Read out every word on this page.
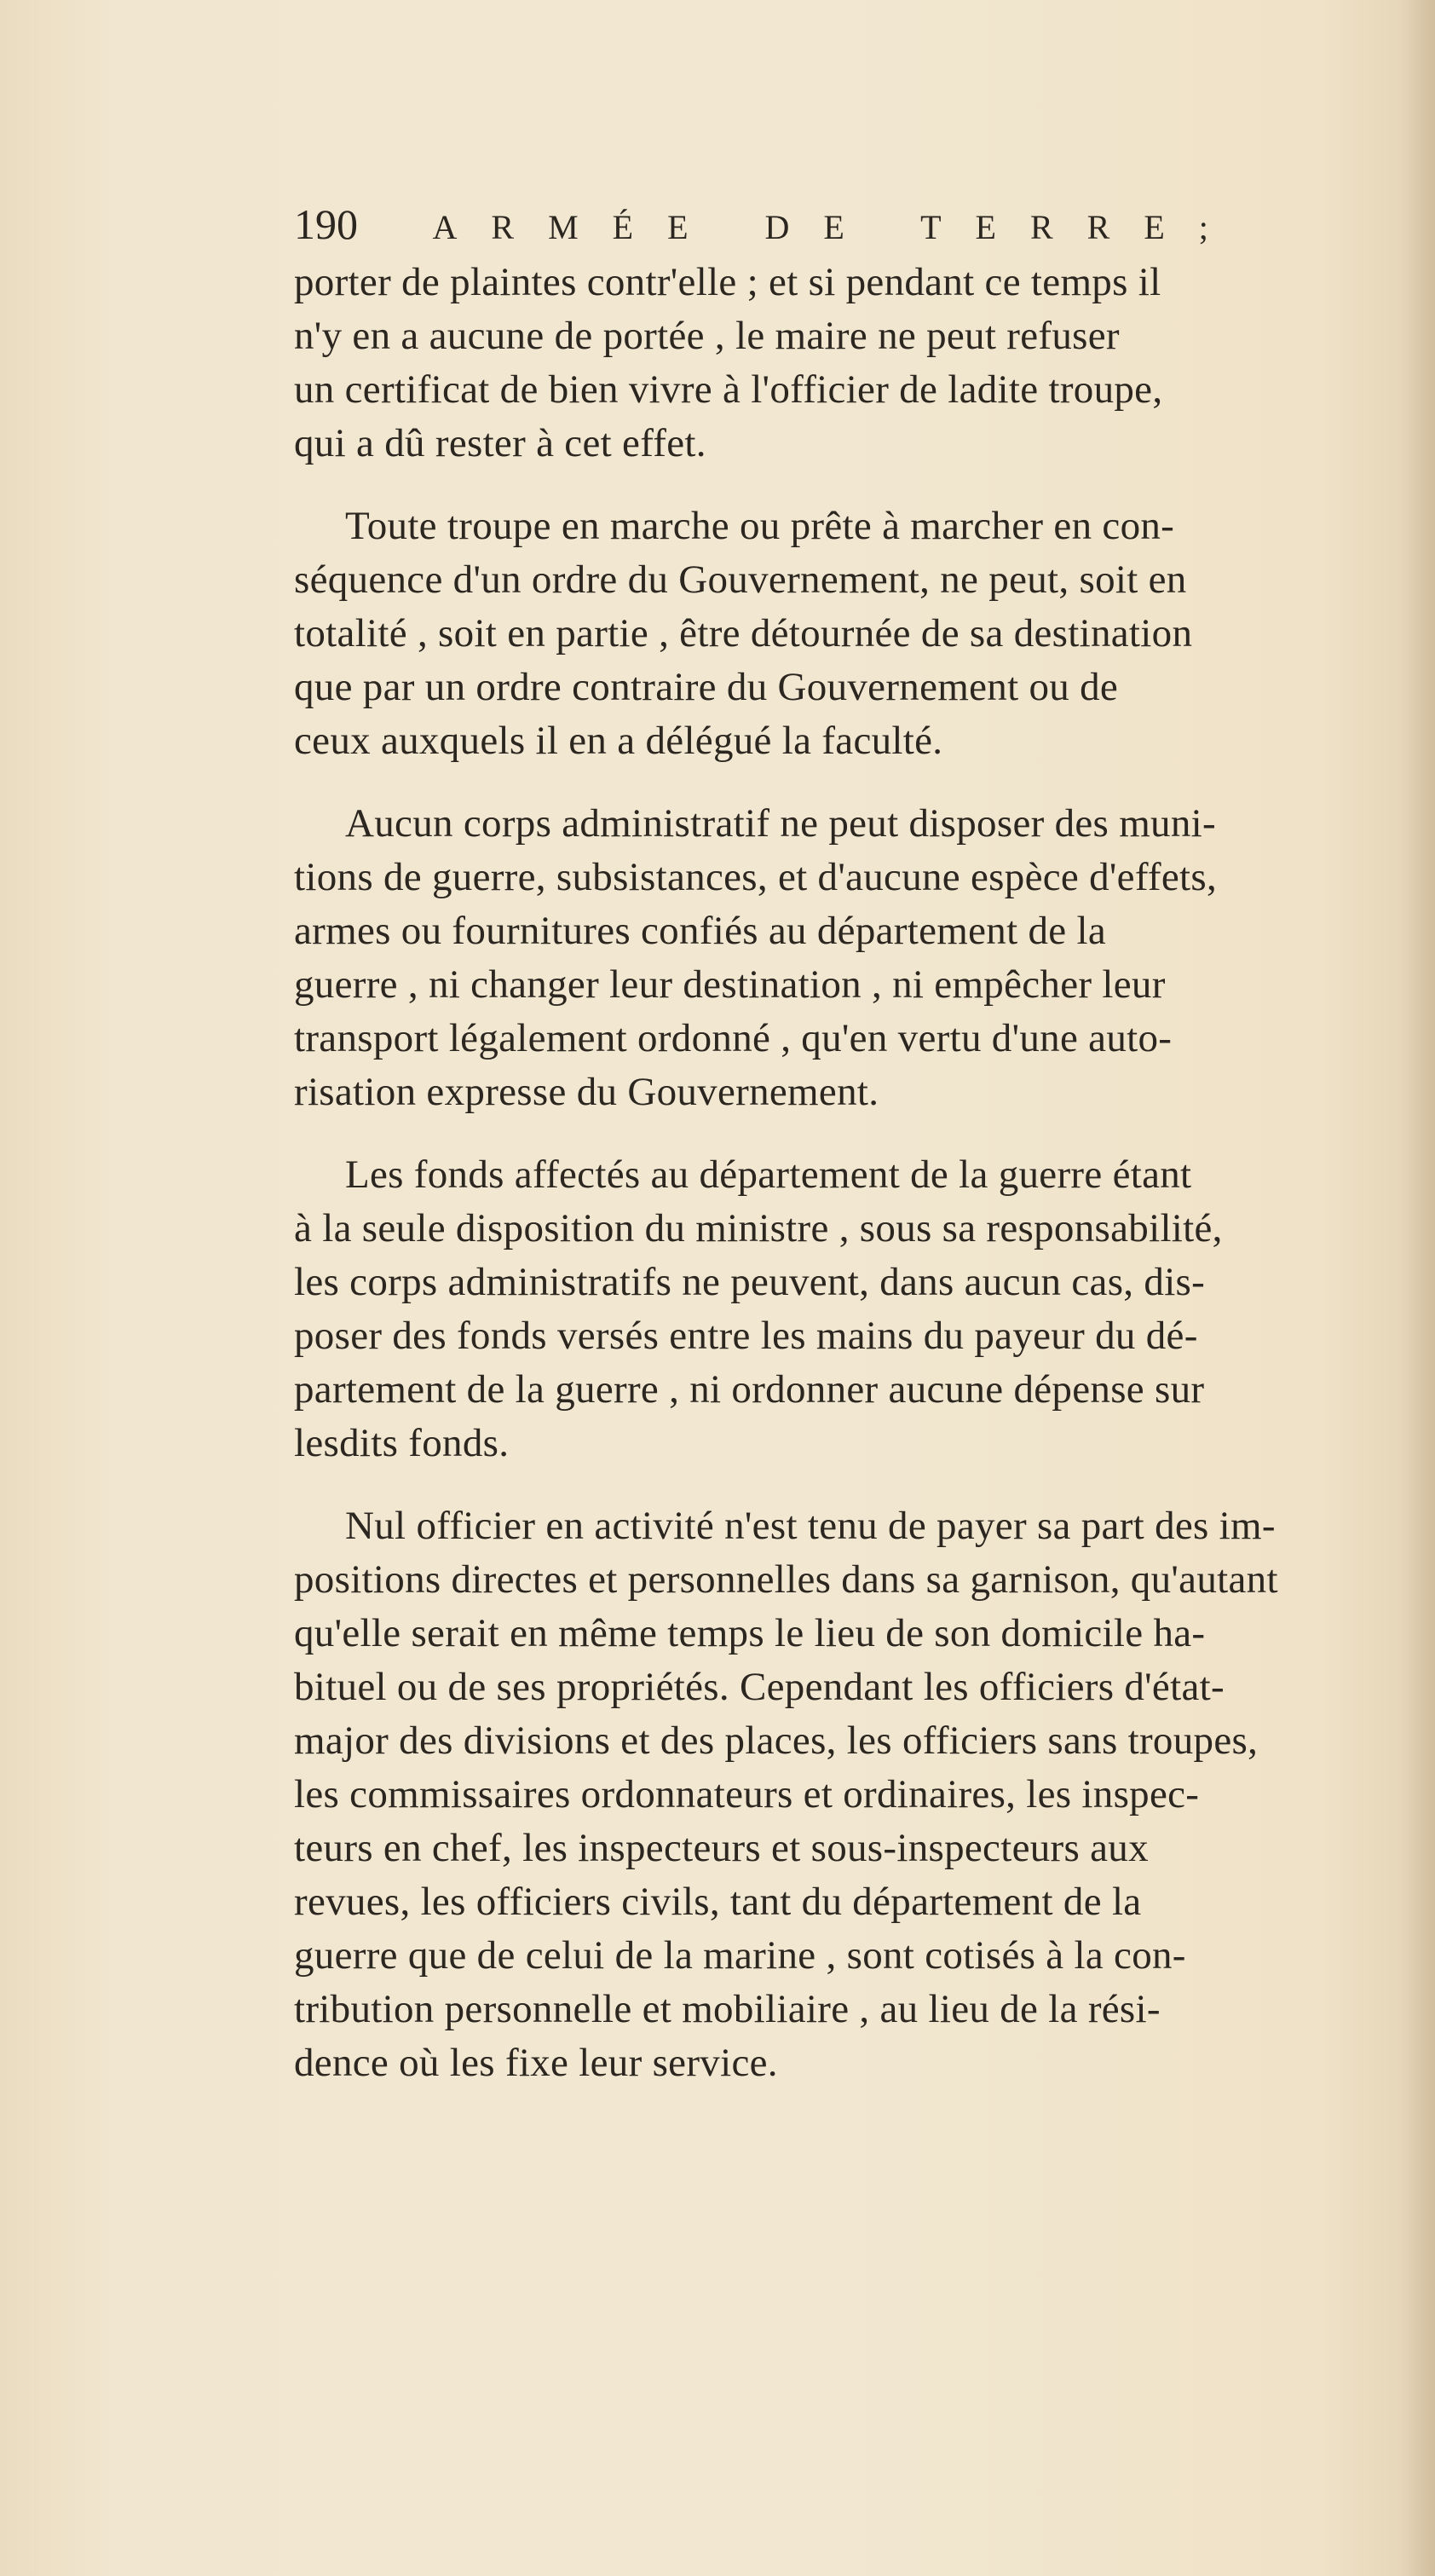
190 ARMÉE DE TERRE;
porter de plaintes contr'elle ; et si pendant ce temps il
n'y en a aucune de portée , le maire ne peut refuser
un certificat de bien vivre à l'officier de ladite troupe,
qui a dû rester à cet effet.
Toute troupe en marche ou prête à marcher en con-
séquence d'un ordre du Gouvernement, ne peut, soit en
totalité , soit en partie , être détournée de sa destination
que par un ordre contraire du Gouvernement ou de
ceux auxquels il en a délégué la faculté.
Aucun corps administratif ne peut disposer des muni-
tions de guerre, subsistances, et d'aucune espèce d'effets,
armes ou fournitures confiés au département de la
guerre , ni changer leur destination , ni empêcher leur
transport légalement ordonné , qu'en vertu d'une auto-
risation expresse du Gouvernement.
Les fonds affectés au département de la guerre étant
à la seule disposition du ministre , sous sa responsabilité,
les corps administratifs ne peuvent, dans aucun cas, dis-
poser des fonds versés entre les mains du payeur du dé-
partement de la guerre , ni ordonner aucune dépense sur
lesdits fonds.
Nul officier en activité n'est tenu de payer sa part des im-
positions directes et personnelles dans sa garnison, qu'autant
qu'elle serait en même temps le lieu de son domicile ha-
bituel ou de ses propriétés. Cependant les officiers d'état-
major des divisions et des places, les officiers sans troupes,
les commissaires ordonnateurs et ordinaires, les inspec-
teurs en chef, les inspecteurs et sous-inspecteurs aux
revues, les officiers civils, tant du département de la
guerre que de celui de la marine , sont cotisés à la con-
tribution personnelle et mobiliaire , au lieu de la rési-
dence où les fixe leur service.
